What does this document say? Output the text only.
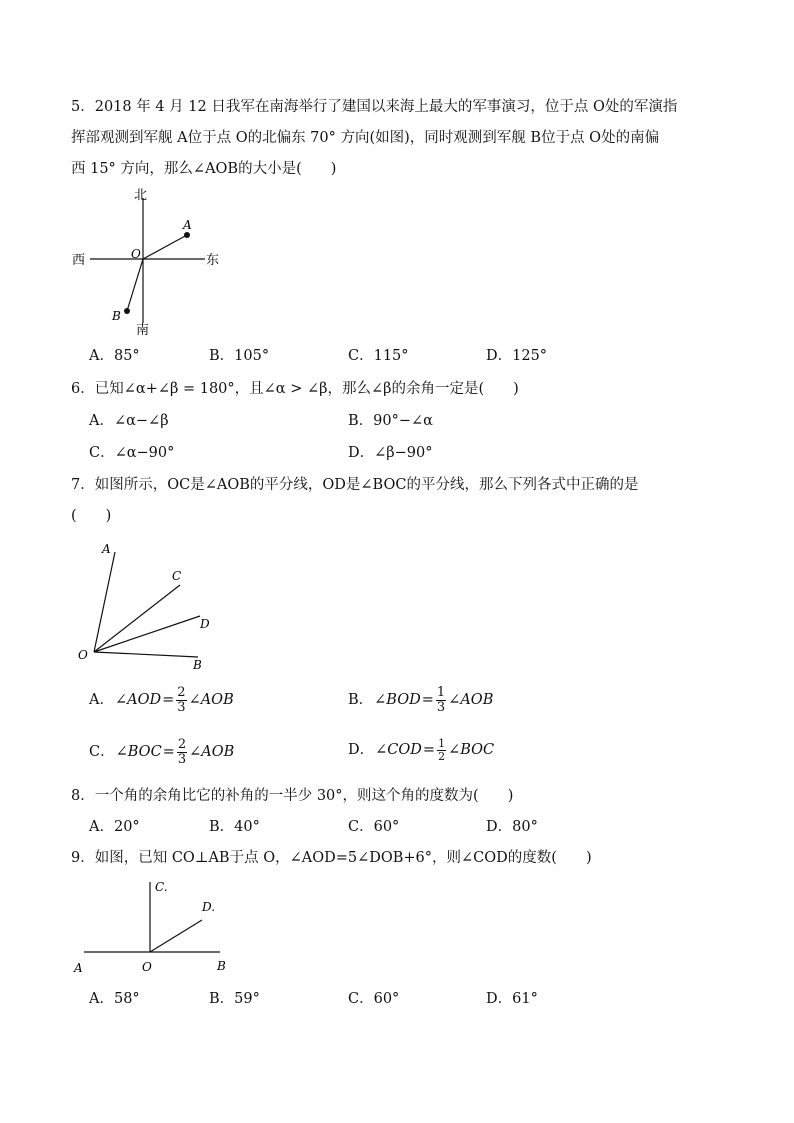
5．2018 年 4 月 12 日我军在南海举行了建国以来海上最大的军事演习，位于点 O处的军演指
挥部观测到军舰 A位于点 O的北偏东 70° 方向(如图)，同时观测到军舰 B位于点 O处的南偏
西 15° 方向，那么∠AOB的大小是(　　)
北
南
东
西	O
A
B
A．85°	B．105°	C．115°	D．125°
6．已知∠α+∠β = 180°，且∠α > ∠β，那么∠β的余角一定是(　　)
A．∠α−∠β	B．90°−∠α
C．∠α−90°	D．∠β−90°
7．如图所示，OC是∠AOB的平分线，OD是∠BOC的平分线，那么下列各式中正确的是
(　　)
A
C
D
B
O
A． ∠AOD = $\frac{2}{3}$ ∠AOB	B． ∠BOD = $\frac{1}{3}$ ∠AOB
C． ∠BOC = $\frac{2}{3}$ ∠AOB	D． ∠COD = $\frac{1}{2}$ ∠BOC
8．一个角的余角比它的补角的一半少 30°，则这个角的度数为(　　)
A．20°	B．40°	C．60°	D．80°
9．如图，已知 CO⊥AB于点 O，∠AOD=5∠DOB+6°，则∠COD的度数(　　)
C.
D.
A	O	B
A．58°	B．59°	C．60°	D．61°
